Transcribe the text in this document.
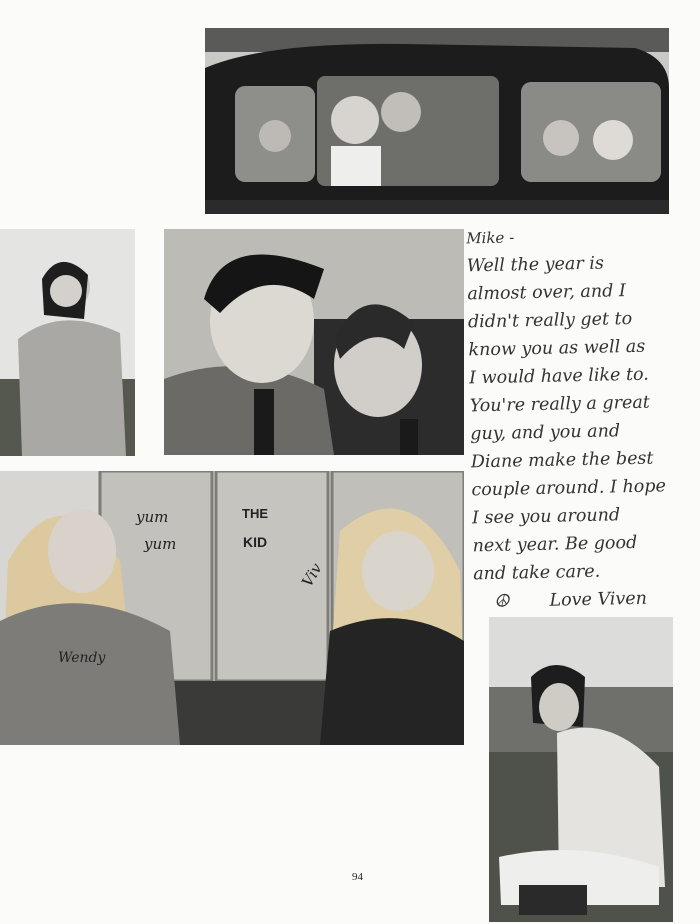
yum
yum
THE
KID
Viv
Wendy
Mike -
Well the year is
almost over, and I
didn't really get to
know you as well as
I would have like to.
You're really a great
guy, and you and
Diane make the best
couple around. I hope
I see you around
next year. Be good
and take care.
☮ Love Viven
94
